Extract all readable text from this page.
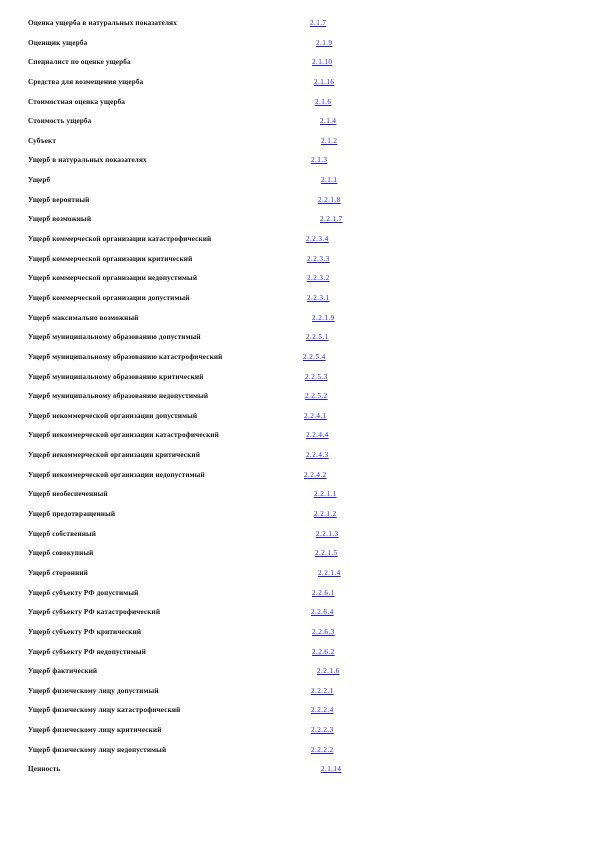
Оценка ущерба в натуральных показателях	2.1.7
Оценщик ущерба	2.1.9
Специалист по оценке ущерба	2.1.10
Средства для возмещения ущерба	2.1.16
Стоимостная оценка ущерба	2.1.6
Стоимость ущерба	2.1.4
Субъект	2.1.2
Ущерб в натуральных показателях	2.1.3
Ущерб	2.1.1
Ущерб вероятный	2.2.1.8
Ущерб возможный	2.2.1.7
Ущерб коммерческой организации катастрофический	2.2.3.4
Ущерб коммерческой организации критический	2.2.3.3
Ущерб коммерческой организации недопустимый	2.2.3.2
Ущерб коммерческой организации допустимый	2.2.3.1
Ущерб максимально возможный	2.2.1.9
Ущерб муниципальному образованию допустимый	2.2.5.1
Ущерб муниципальному образованию катастрофический	2.2.5.4
Ущерб муниципальному образованию критический	2.2.5.3
Ущерб муниципальному образованию недопустимый	2.2.5.2
Ущерб некоммерческой организации допустимый	2.2.4.1
Ущерб некоммерческой организации катастрофический	2.2.4.4
Ущерб некоммерческой организации критический	2.2.4.3
Ущерб некоммерческой организации недопустимый	2.2.4.2
Ущерб необеспеченный	2.2.1.1
Ущерб предотвращенный	2.2.1.2
Ущерб собственный	2.2.1.3
Ущерб совокупный	2.2.1.5
Ущерб сторонний	2.2.1.4
Ущерб субъекту РФ допустимый	2.2.6.1
Ущерб субъекту РФ катастрофический	2.2.6.4
Ущерб субъекту РФ критический	2.2.6.3
Ущерб субъекту РФ недопустимый	2.2.6.2
Ущерб фактический	2.2.1.6
Ущерб физическому лицу допустимый	2.2.2.1
Ущерб физическому лицу катастрофический	2.2.2.4
Ущерб физическому лицу критический	2.2.2.3
Ущерб физическому лицу недопустимый	2.2.2.2
Ценность	2.1.14
